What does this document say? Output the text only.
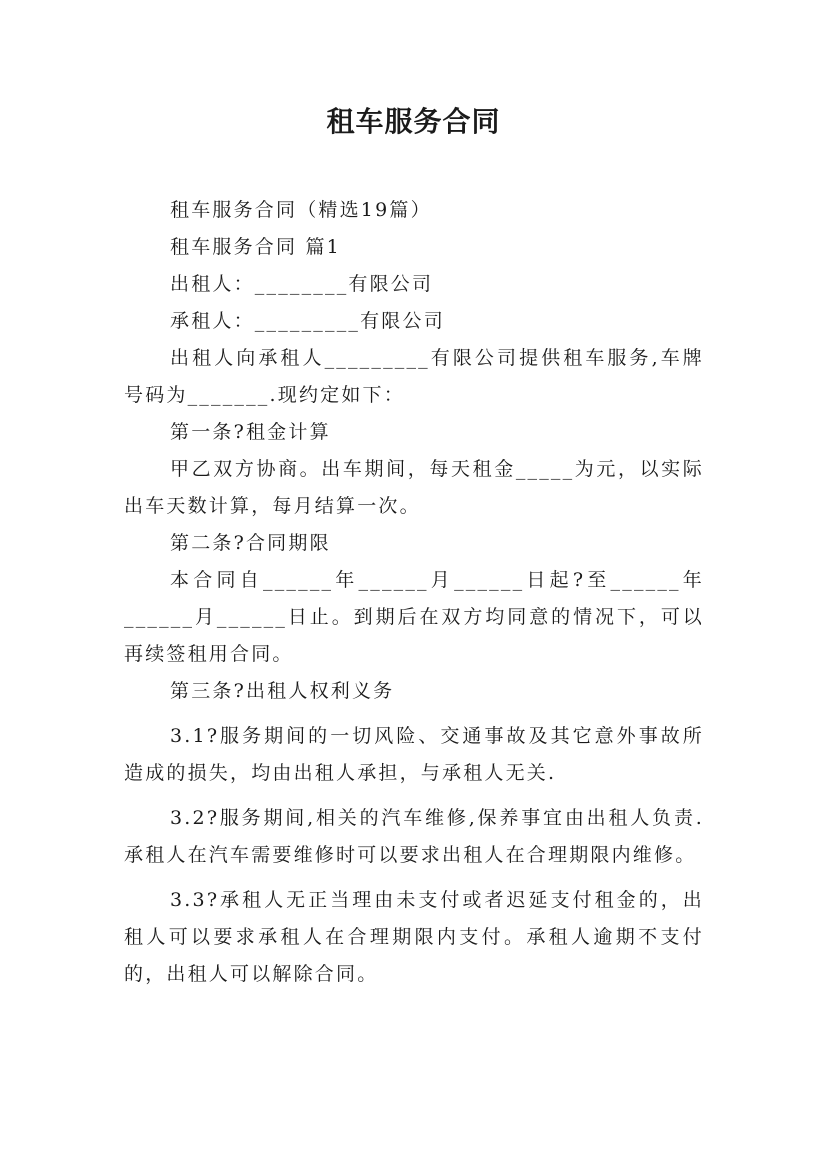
租车服务合同

租车服务合同（精选19篇）

租车服务合同 篇1

出租人：________有限公司

承租人：_________有限公司

出租人向承租人_________有限公司提供租车服务,车牌号码为_______.现约定如下：

第一条?租金计算

甲乙双方协商。出车期间，每天租金_____为元，以实际出车天数计算，每月结算一次。

第二条?合同期限

本合同自______年______月______日起?至______年______月______日止。到期后在双方均同意的情况下，可以再续签租用合同。

第三条?出租人权利义务

3.1?服务期间的一切风险、交通事故及其它意外事故所造成的损失，均由出租人承担，与承租人无关.

3.2?服务期间,相关的汽车维修,保养事宜由出租人负责.承租人在汽车需要维修时可以要求出租人在合理期限内维修。

3.3?承租人无正当理由未支付或者迟延支付租金的，出租人可以要求承租人在合理期限内支付。承租人逾期不支付的，出租人可以解除合同。
